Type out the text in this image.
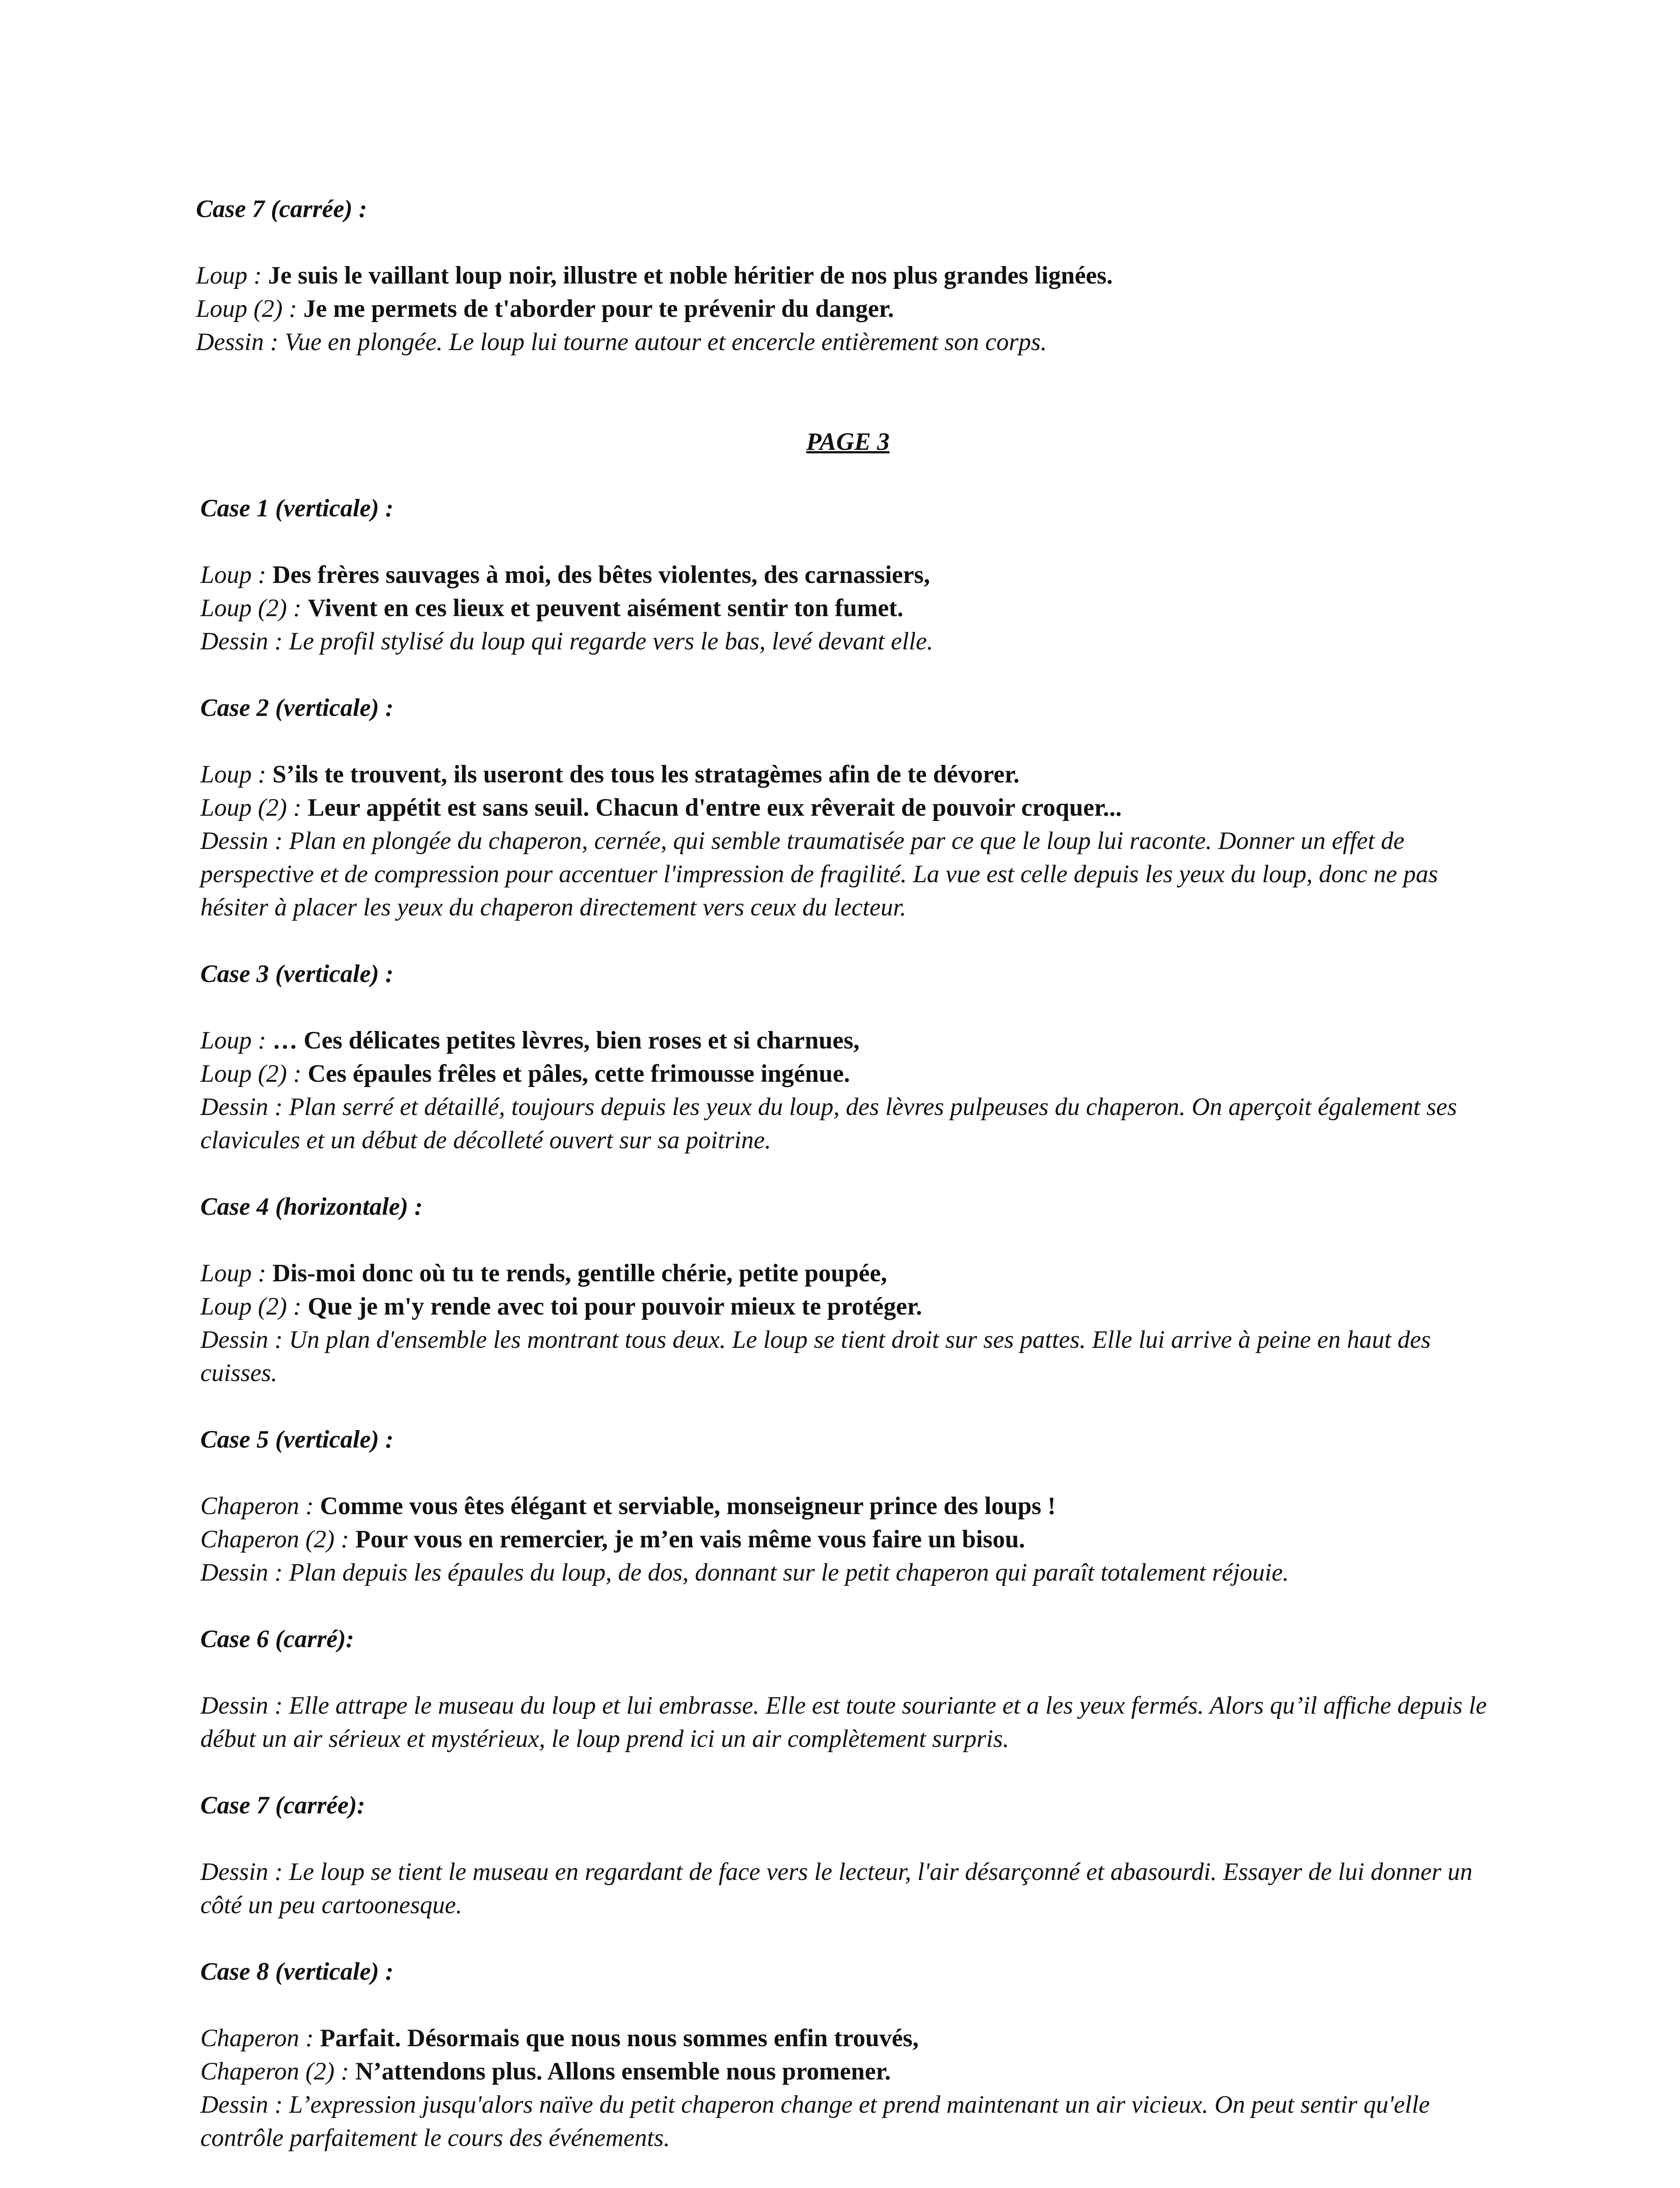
Case 7 (carrée) :

Loup : Je suis le vaillant loup noir, illustre et noble héritier de nos plus grandes lignées.

Loup (2) : Je me permets de t'aborder pour te prévenir du danger.

Dessin : Vue en plongée. Le loup lui tourne autour et encercle entièrement son corps.

PAGE 3

Case 1 (verticale) :

Loup : Des frères sauvages à moi, des bêtes violentes, des carnassiers,

Loup (2) : Vivent en ces lieux et peuvent aisément sentir ton fumet.

Dessin : Le profil stylisé du loup qui regarde vers le bas, levé devant elle.

Case 2 (verticale) :

Loup : S’ils te trouvent, ils useront des tous les stratagèmes afin de te dévorer.

Loup (2) : Leur appétit est sans seuil. Chacun d'entre eux rêverait de pouvoir croquer...

Dessin : Plan en plongée du chaperon, cernée, qui semble traumatisée par ce que le loup lui raconte. Donner un effet de perspective et de compression pour accentuer l'impression de fragilité. La vue est celle depuis les yeux du loup, donc ne pas hésiter à placer les yeux du chaperon directement vers ceux du lecteur.

Case 3 (verticale) :

Loup : … Ces délicates petites lèvres, bien roses et si charnues,

Loup (2) : Ces épaules frêles et pâles, cette frimousse ingénue.

Dessin : Plan serré et détaillé, toujours depuis les yeux du loup, des lèvres pulpeuses du chaperon. On aperçoit également ses clavicules et un début de décolleté ouvert sur sa poitrine.

Case 4 (horizontale) :

Loup : Dis-moi donc où tu te rends, gentille chérie, petite poupée,

Loup (2) : Que je m'y rende avec toi pour pouvoir mieux te protéger.

Dessin : Un plan d'ensemble les montrant tous deux. Le loup se tient droit sur ses pattes. Elle lui arrive à peine en haut des cuisses.

Case 5 (verticale) :

Chaperon : Comme vous êtes élégant et serviable, monseigneur prince des loups !

Chaperon (2) : Pour vous en remercier, je m’en vais même vous faire un bisou.

Dessin : Plan depuis les épaules du loup, de dos, donnant sur le petit chaperon qui paraît totalement réjouie.

Case 6 (carré):

Dessin : Elle attrape le museau du loup et lui embrasse. Elle est toute souriante et a les yeux fermés. Alors qu’il affiche depuis le début un air sérieux et mystérieux, le loup prend ici un air complètement surpris.

Case 7 (carrée):

Dessin : Le loup se tient le museau en regardant de face vers le lecteur, l'air désarçonné et abasourdi. Essayer de lui donner un côté un peu cartoonesque.

Case 8 (verticale) :

Chaperon : Parfait. Désormais que nous nous sommes enfin trouvés,

Chaperon (2) : N’attendons plus. Allons ensemble nous promener.

Dessin : L’expression jusqu'alors naïve du petit chaperon change et prend maintenant un air vicieux. On peut sentir qu'elle contrôle parfaitement le cours des événements.
